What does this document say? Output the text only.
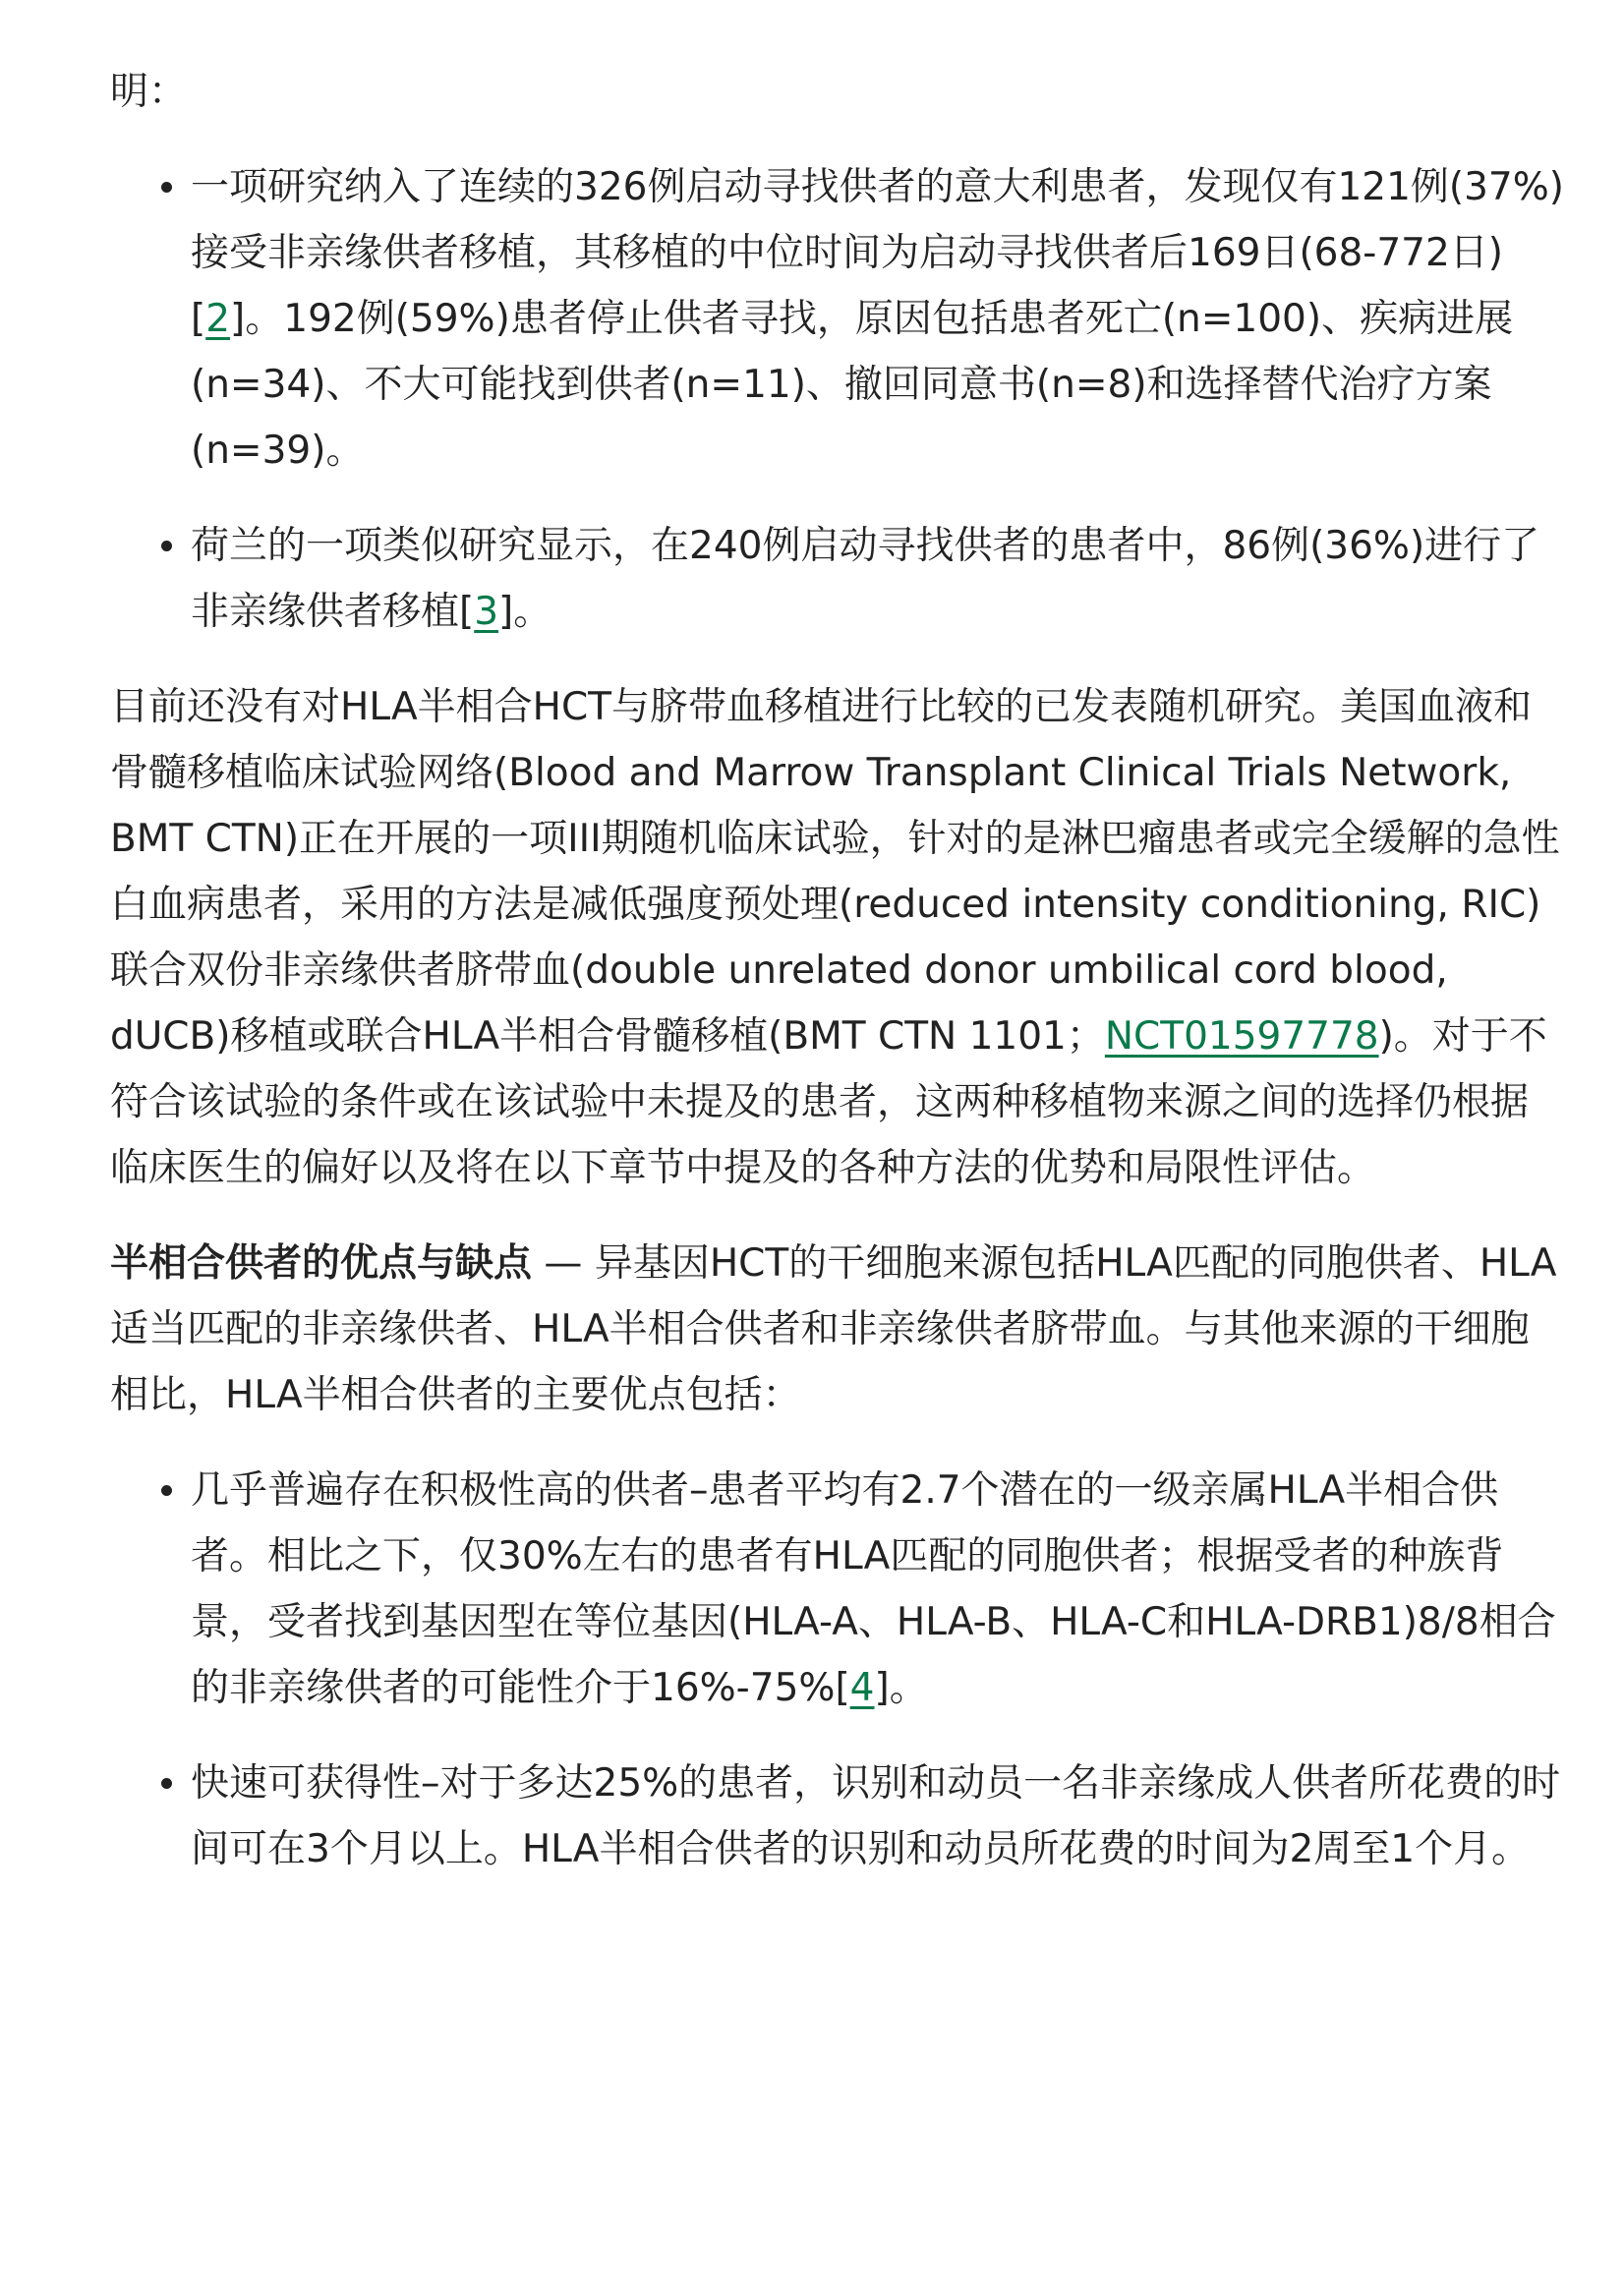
明：

一项研究纳入了连续的326例启动寻找供者的意大利患者，发现仅有121例(37%)接受非亲缘供者移植，其移植的中位时间为启动寻找供者后169日(68-772日)[2]。192例(59%)患者停止供者寻找，原因包括患者死亡(n=100)、疾病进展(n=34)、不大可能找到供者(n=11)、撤回同意书(n=8)和选择替代治疗方案(n=39)。
荷兰的一项类似研究显示，在240例启动寻找供者的患者中，86例(36%)进行了非亲缘供者移植[3]。

目前还没有对HLA半相合HCT与脐带血移植进行比较的已发表随机研究。美国血液和骨髓移植临床试验网络(Blood and Marrow Transplant Clinical Trials Network, BMT CTN)正在开展的一项III期随机临床试验，针对的是淋巴瘤患者或完全缓解的急性白血病患者，采用的方法是减低强度预处理(reduced intensity conditioning, RIC)联合双份非亲缘供者脐带血(double unrelated donor umbilical cord blood, dUCB)移植或联合HLA半相合骨髓移植(BMT CTN 1101；NCT01597778)。对于不符合该试验的条件或在该试验中未提及的患者，这两种移植物来源之间的选择仍根据临床医生的偏好以及将在以下章节中提及的各种方法的优势和局限性评估。

半相合供者的优点与缺点 — 异基因HCT的干细胞来源包括HLA匹配的同胞供者、HLA适当匹配的非亲缘供者、HLA半相合供者和非亲缘供者脐带血。与其他来源的干细胞相比，HLA半相合供者的主要优点包括：

几乎普遍存在积极性高的供者–患者平均有2.7个潜在的一级亲属HLA半相合供者。相比之下，仅30%左右的患者有HLA匹配的同胞供者；根据受者的种族背景，受者找到基因型在等位基因(HLA-A、HLA-B、HLA-C和HLA-DRB1)8/8相合的非亲缘供者的可能性介于16%-75%[4]。
快速可获得性–对于多达25%的患者，识别和动员一名非亲缘成人供者所花费的时间可在3个月以上。HLA半相合供者的识别和动员所花费的时间为2周至1个月。
